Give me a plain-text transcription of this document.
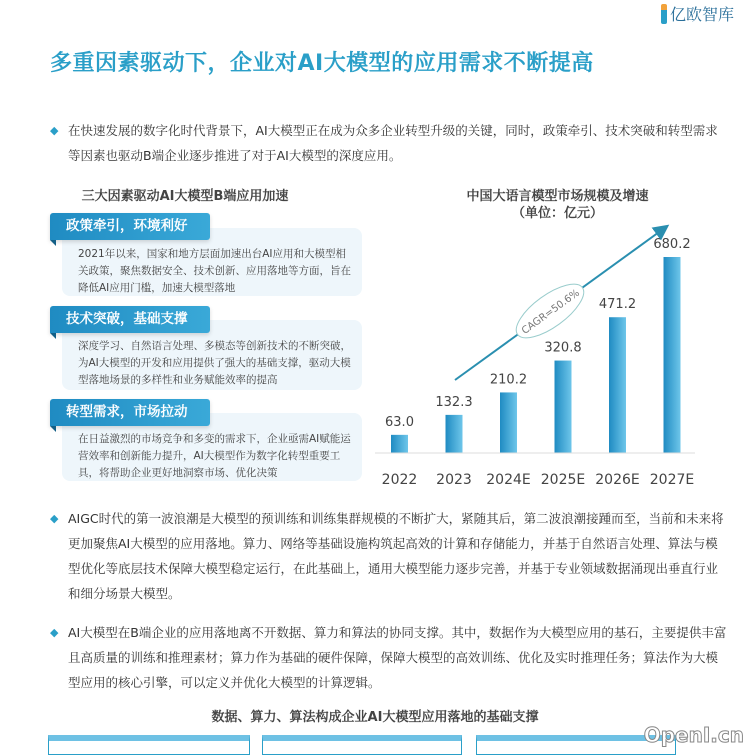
亿欧智库
多重因素驱动下，企业对AI大模型的应用需求不断提高
◆ 在快速发展的数字化时代背景下，AI大模型正在成为众多企业转型升级的关键，同时，政策牵引、技术突破和转型需求等因素也驱动B端企业逐步推进了对于AI大模型的深度应用。
三大因素驱动AI大模型B端应用加速
政策牵引，环境利好
2021年以来，国家和地方层面加速出台AI应用和大模型相关政策，聚焦数据安全、技术创新、应用落地等方面，旨在降低AI应用门槛，加速大模型落地
技术突破，基础支撑
深度学习、自然语言处理、多模态等创新技术的不断突破，为AI大模型的开发和应用提供了强大的基础支撑，驱动大模型落地场景的多样性和业务赋能效率的提高
转型需求，市场拉动
在日益激烈的市场竞争和多变的需求下，企业亟需AI赋能运营效率和创新能力提升，AI大模型作为数字化转型重要工具，将帮助企业更好地洞察市场、优化决策
中国大语言模型市场规模及增速
（单位：亿元）
CAGR=50.6%
63.0
2022
132.3
2023
210.2
2024E
320.8
2025E
471.2
2026E
680.2
2027E
◆ AIGC时代的第一波浪潮是大模型的预训练和训练集群规模的不断扩大，紧随其后，第二波浪潮接踵而至，当前和未来将更加聚焦AI大模型的应用落地。算力、网络等基础设施构筑起高效的计算和存储能力，并基于自然语言处理、算法与模型优化等底层技术保障大模型稳定运行，在此基础上，通用大模型能力逐步完善，并基于专业领域数据涌现出垂直行业和细分场景大模型。
◆ AI大模型在B端企业的应用落地离不开数据、算力和算法的协同支撑。其中，数据作为大模型应用的基石，主要提供丰富且高质量的训练和推理素材；算力作为基础的硬件保障，保障大模型的高效训练、优化及实时推理任务；算法作为大模型应用的核心引擎，可以定义并优化大模型的计算逻辑。
数据、算力、算法构成企业AI大模型应用落地的基础支撑
OpenI.cn
